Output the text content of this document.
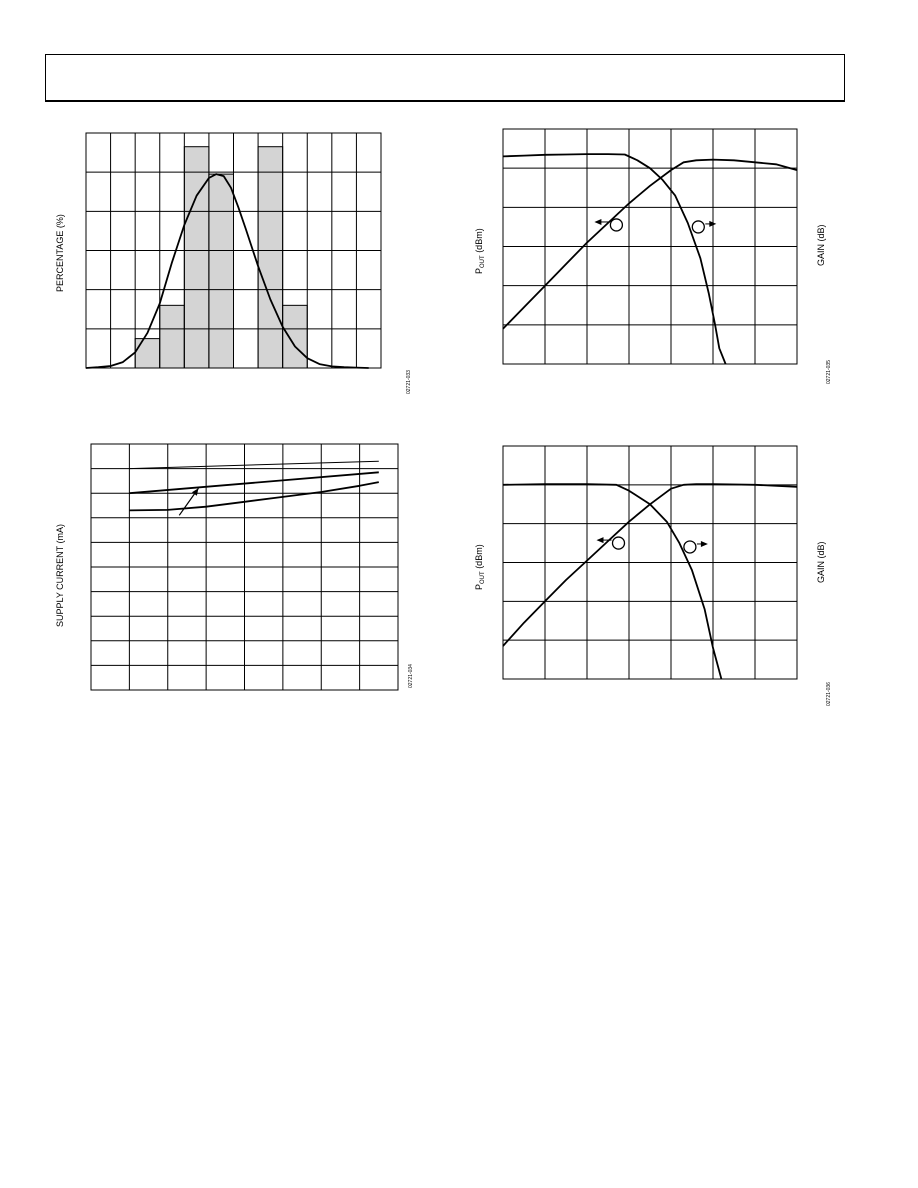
PERCENTAGE (%)
02721-033
SUPPLY CURRENT (mA)
02721-034
$P_{OUT}$ (dBm)	GAIN (dB)
02721-035
$P_{OUT}$ (dBm)	GAIN (dB)
02721-036
